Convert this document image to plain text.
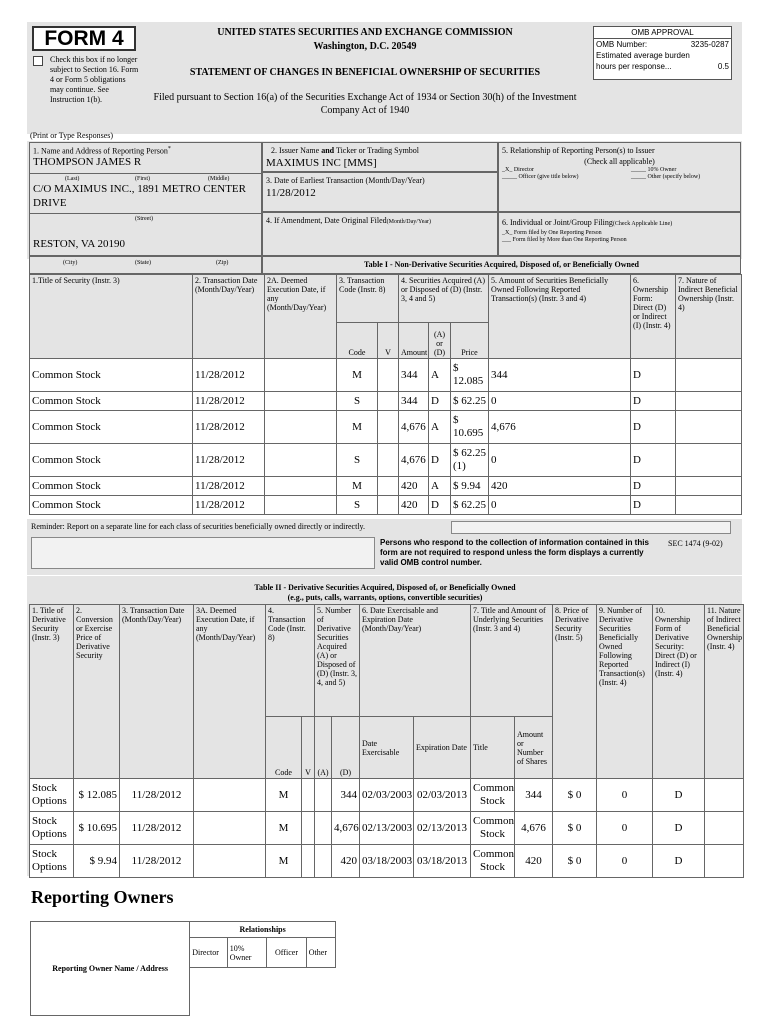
FORM 4
Check this box if no longer subject to Section 16. Form 4 or Form 5 obligations may continue. See Instruction 1(b).
UNITED STATES SECURITIES AND EXCHANGE COMMISSION
Washington, D.C. 20549
STATEMENT OF CHANGES IN BENEFICIAL OWNERSHIP OF SECURITIES
Filed pursuant to Section 16(a) of the Securities Exchange Act of 1934 or Section 30(h) of the Investment Company Act of 1940
OMB APPROVAL
OMB Number:	3235-0287
Estimated average burden
hours per response...	0.5
(Print or Type Responses)
1. Name and Address of Reporting Person*
THOMPSON JAMES R
(Last)	(First)	(Middle)
C/O MAXIMUS INC., 1891 METRO CENTER
DRIVE
(Street)
RESTON, VA 20190
(City)	(State)	(Zip)
2. Issuer Name and Ticker or Trading Symbol
MAXIMUS INC [MMS]
3. Date of Earliest Transaction (Month/Day/Year)
11/28/2012
4. If Amendment, Date Original Filed(Month/Day/Year)
5. Relationship of Reporting Person(s) to Issuer
(Check all applicable)
_X_ Director	_____ 10% Owner
_____ Officer (give title below)	_____ Other (specify below)
6. Individual or Joint/Group Filing(Check Applicable Line)
_X_ Form filed by One Reporting Person
___ Form filed by More than One Reporting Person
Table I - Non-Derivative Securities Acquired, Disposed of, or Beneficially Owned
1.Title of Security (Instr. 3)	2. Transaction Date (Month/Day/Year)	2A. Deemed Execution Date, if any (Month/Day/Year)	3. Transaction Code (Instr. 8)		4. Securities Acquired (A) or Disposed of (D) (Instr. 3, 4 and 5)			5. Amount of Securities Beneficially Owned Following Reported Transaction(s) (Instr. 3 and 4)	6. Ownership Form: Direct (D) or Indirect (I) (Instr. 4)	7. Nature of Indirect Beneficial Ownership (Instr. 4)
			Code	V	Amount	(A) or (D)	Price			
Common Stock	11/28/2012		M		344	A	$ 12.085	344	D	
Common Stock	11/28/2012		S		344	D	$ 62.25	0	D	
Common Stock	11/28/2012		M		4,676	A	$ 10.695	4,676	D	
Common Stock	11/28/2012		S		4,676	D	$ 62.25 (1)	0	D	
Common Stock	11/28/2012		M		420	A	$ 9.94	420	D	
Common Stock	11/28/2012		S		420	D	$ 62.25	0	D	
Reminder: Report on a separate line for each class of securities beneficially owned directly or indirectly.
Persons who respond to the collection of information contained in this form are not required to respond unless the form displays a currently valid OMB control number.
SEC 1474 (9-02)
Table II - Derivative Securities Acquired, Disposed of, or Beneficially Owned
(e.g., puts, calls, warrants, options, convertible securities)
1. Title of Derivative Security (Instr. 3)	2. Conversion or Exercise Price of Derivative Security	3. Transaction Date (Month/Day/Year)	3A. Deemed Execution Date, if any (Month/Day/Year)	4. Transaction Code (Instr. 8)		5. Number of Derivative Securities Acquired (A) or Disposed of (D) (Instr. 3, 4, and 5)		6. Date Exercisable and Expiration Date (Month/Day/Year)		7. Title and Amount of Underlying Securities (Instr. 3 and 4)		8. Price of Derivative Security (Instr. 5)	9. Number of Derivative Securities Beneficially Owned Following Reported Transaction(s) (Instr. 4)	10. Ownership Form of Derivative Security: Direct (D) or Indirect (I) (Instr. 4)	11. Nature of Indirect Beneficial Ownership (Instr. 4)
				Code	V	(A)	(D)	Date Exercisable	Expiration Date	Title	Amount or Number of Shares				
Stock Options	$ 12.085	11/28/2012		M			344	02/03/2003	02/03/2013	Common Stock	344	$ 0	0	D	
Stock Options	$ 10.695	11/28/2012		M			4,676	02/13/2003	02/13/2013	Common Stock	4,676	$ 0	0	D	
Stock Options	$ 9.94	11/28/2012		M			420	03/18/2003	03/18/2013	Common Stock	420	$ 0	0	D	
Reporting Owners
Reporting Owner Name / Address	Relationships			
	Director	10% Owner	Officer	Other
